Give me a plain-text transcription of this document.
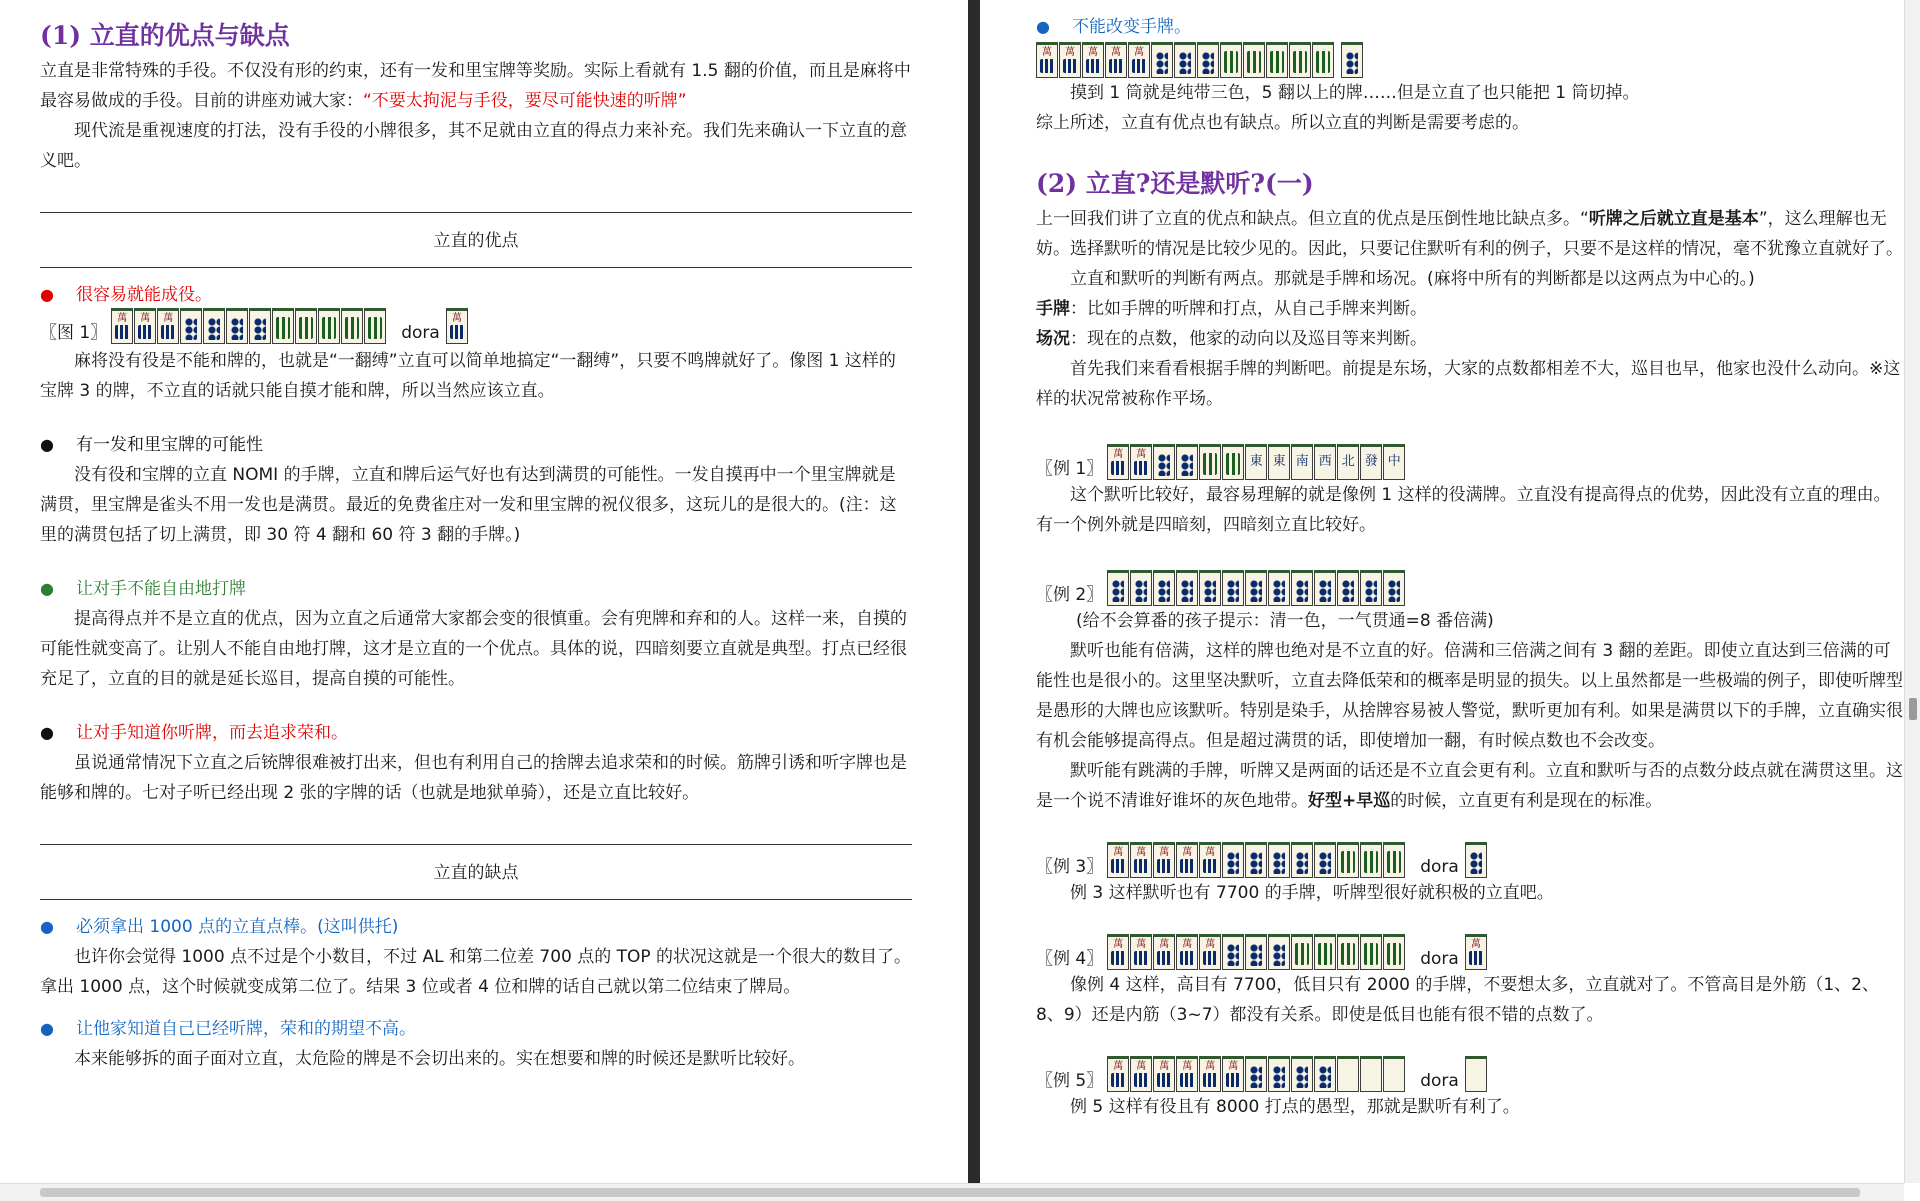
(1) 立直的优点与缺点

立直是非常特殊的手役。不仅没有形的约束，还有一发和里宝牌等奖励。实际上看就有 1.5 翻的价值，而且是麻将中最容易做成的手役。目前的讲座劝诫大家：“不要太拘泥与手役，要尽可能快速的听牌”

现代流是重视速度的打法，没有手役的小牌很多，其不足就由立直的得点力来补充。我们先来确认一下立直的意义吧。

立直的优点
● 很容易就能成役。
〖图 1〗
萬	萬	萬
dora
萬

麻将没有役是不能和牌的，也就是“一翻缚”立直可以简单地搞定“一翻缚”，只要不鸣牌就好了。像图 1 这样的宝牌 3 的牌，不立直的话就只能自摸才能和牌，所以当然应该立直。

● 有一发和里宝牌的可能性

没有役和宝牌的立直 NOMI 的手牌，立直和牌后运气好也有达到满贯的可能性。一发自摸再中一个里宝牌就是满贯，里宝牌是雀头不用一发也是满贯。最近的免费雀庄对一发和里宝牌的祝仪很多，这玩儿的是很大的。(注：这里的满贯包括了切上满贯，即 30 符 4 翻和 60 符 3 翻的手牌。)

● 让对手不能自由地打牌

提高得点并不是立直的优点，因为立直之后通常大家都会变的很慎重。会有兜牌和弃和的人。这样一来，自摸的可能性就变高了。让别人不能自由地打牌，这才是立直的一个优点。具体的说，四暗刻要立直就是典型。打点已经很充足了，立直的目的就是延长巡目，提高自摸的可能性。

● 让对手知道你听牌，而去追求荣和。

虽说通常情况下立直之后铳牌很难被打出来，但也有利用自己的捨牌去追求荣和的时候。筋牌引诱和听字牌也是能够和牌的。七对子听已经出现 2 张的字牌的话（也就是地狱单骑），还是立直比较好。

立直的缺点
● 必须拿出 1000 点的立直点棒。(这叫供托)

也许你会觉得 1000 点不过是个小数目，不过 AL 和第二位差 700 点的 TOP 的状况这就是一个很大的数目了。拿出 1000 点，这个时候就变成第二位了。结果 3 位或者 4 位和牌的话自己就以第二位结束了牌局。

● 让他家知道自己已经听牌，荣和的期望不高。

本来能够拆的面子面对立直，太危险的牌是不会切出来的。实在想要和牌的时候还是默听比较好。

● 不能改变手牌。
萬	萬	萬	萬	萬

摸到 1 筒就是纯带三色，5 翻以上的牌……但是立直了也只能把 1 筒切掉。

综上所述，立直有优点也有缺点。所以立直的判断是需要考虑的。

(2) 立直?还是默听?(一)

上一回我们讲了立直的优点和缺点。但立直的优点是压倒性地比缺点多。“听牌之后就立直是基本”，这么理解也无妨。选择默听的情况是比较少见的。因此，只要记住默听有利的例子，只要不是这样的情况，毫不犹豫立直就好了。

立直和默听的判断有两点。那就是手牌和场况。(麻将中所有的判断都是以这两点为中心的。)

手牌：比如手牌的听牌和打点，从自己手牌来判断。

场况：现在的点数，他家的动向以及巡目等来判断。

首先我们来看看根据手牌的判断吧。前提是东场，大家的点数都相差不大，巡目也早，他家也没什么动向。※这样的状况常被称作平场。

〖例 1〗
萬	萬	東 東 南 西 北 發 中

这个默听比较好，最容易理解的就是像例 1 这样的役满牌。立直没有提高得点的优势，因此没有立直的理由。有一个例外就是四暗刻，四暗刻立直比较好。

〖例 2〗

(给不会算番的孩子提示：清一色，一气贯通=8 番倍满)

默听也能有倍满，这样的牌也绝对是不立直的好。倍满和三倍满之间有 3 翻的差距。即使立直达到三倍满的可能性也是很小的。这里坚决默听，立直去降低荣和的概率是明显的损失。以上虽然都是一些极端的例子，即使听牌型是愚形的大牌也应该默听。特别是染手，从捨牌容易被人警觉，默听更加有利。如果是满贯以下的手牌，立直确实很有机会能够提高得点。但是超过满贯的话，即使增加一翻，有时候点数也不会改变。

默听能有跳满的手牌，听牌又是两面的话还是不立直会更有利。立直和默听与否的点数分歧点就在满贯这里。这是一个说不清谁好谁坏的灰色地带。好型+早巡的时候，立直更有利是现在的标准。

〖例 3〗
萬	萬	萬	萬	萬
dora

例 3 这样默听也有 7700 的手牌，听牌型很好就积极的立直吧。

〖例 4〗
萬	萬	萬	萬	萬
dora
萬

像例 4 这样，高目有 7700，低目只有 2000 的手牌，不要想太多，立直就对了。不管高目是外筋（1、2、8、9）还是内筋（3~7）都没有关系。即使是低目也能有很不错的点数了。

〖例 5〗
萬	萬	萬	萬	萬	萬
dora

例 5 这样有役且有 8000 打点的愚型，那就是默听有利了。
